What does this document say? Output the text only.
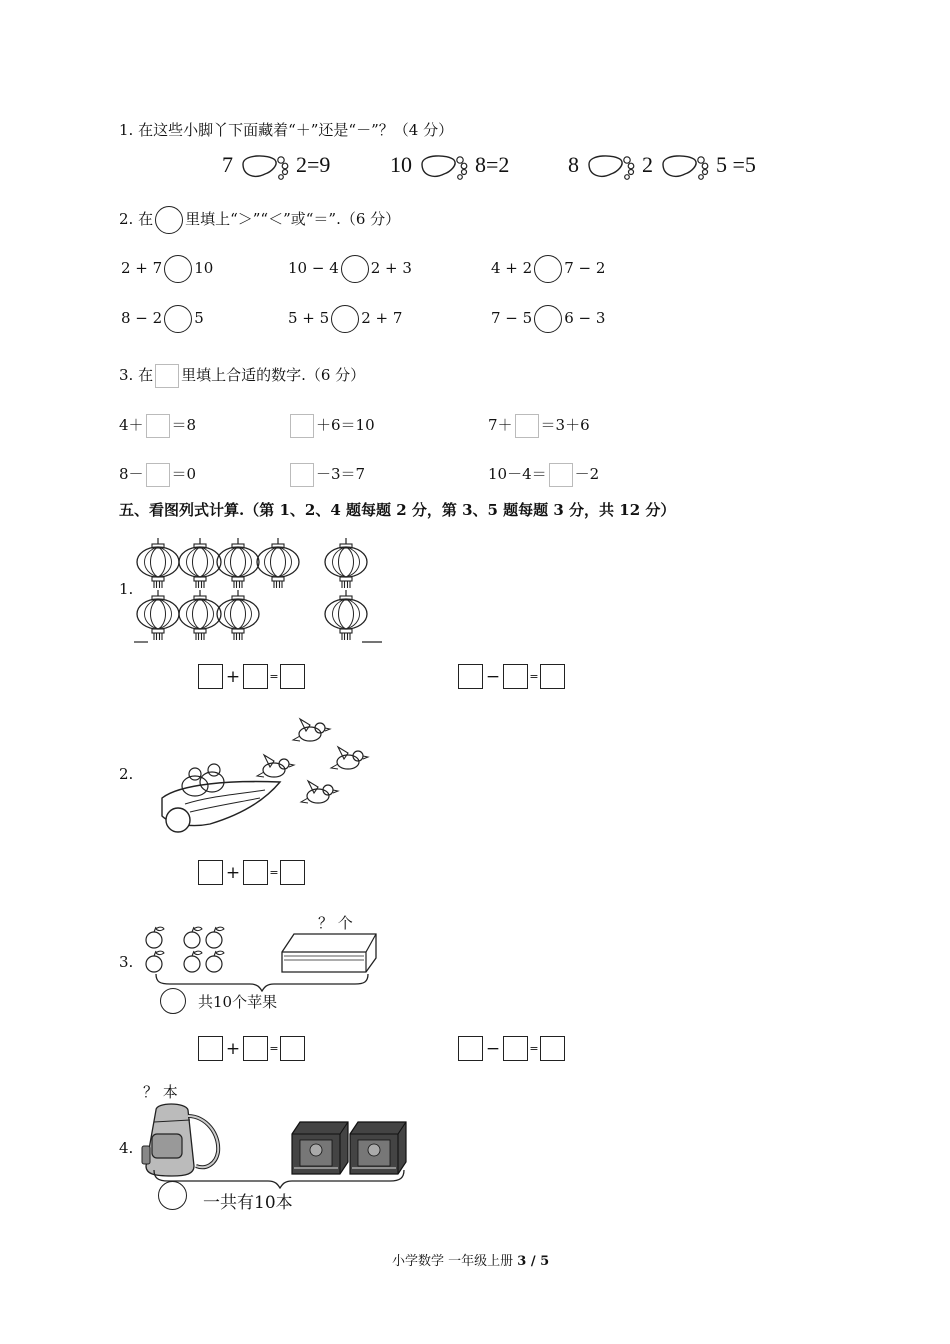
1. 在这些小脚丫下面藏着“＋”还是“－”？（4 分）
7	2=9	10	8=2	8	2	5 =5
2. 在 里填上“＞”“＜”或“＝”.（6 分）
2 + 7 10	10 − 4 2 + 3	4 + 2 7 − 2
8 − 2 5	5 + 5 2 + 7	7 − 5 6 − 3
3. 在 里填上合适的数字.（6 分）
4＋ ＝8	＋6＝10	7＋ ＝3＋6
8－ ＝0	－3＝7	10－4＝ －2
五、看图列式计算.（第 1、2、4 题每题 2 分，第 3、5 题每题 3 分，共 12 分）
1.
+	=	−	=
2.
+	=
3.
？ 个
共10个苹果
+	=	−	=
？ 本
4.
一共有10本
小学数学 一年级上册 3 / 5
